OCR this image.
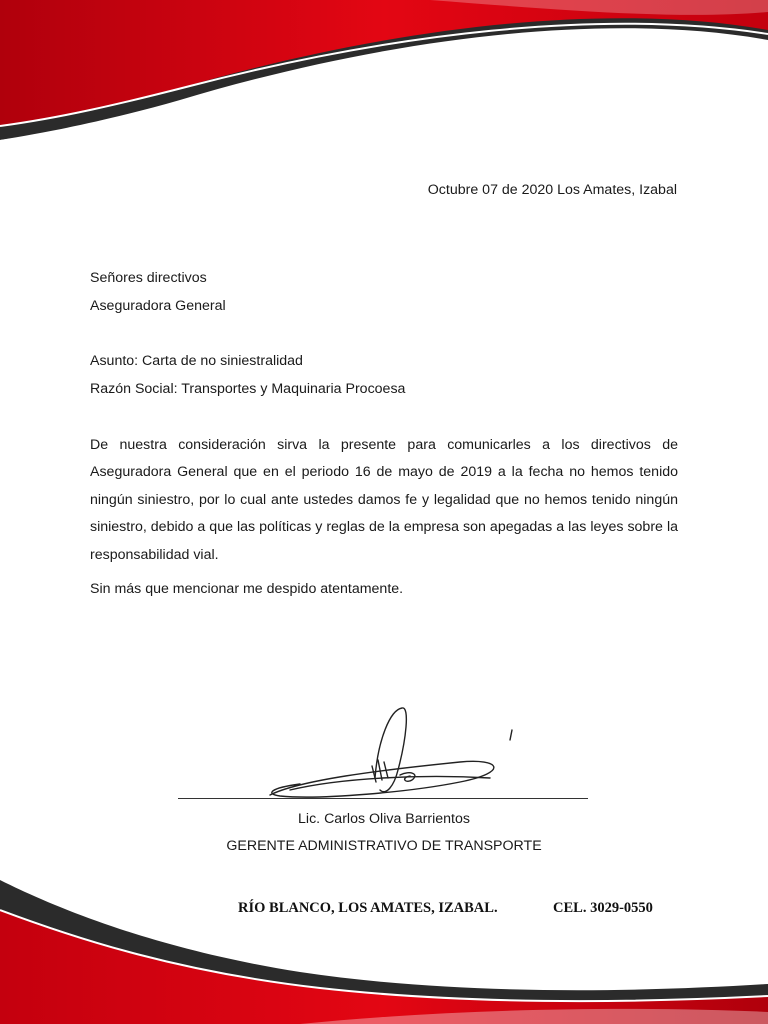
Octubre 07 de 2020 Los Amates, Izabal
Señores directivos
Aseguradora General
Asunto: Carta de no siniestralidad
Razón Social: Transportes y Maquinaria Procoesa
De nuestra consideración sirva la presente para comunicarles a los directivos de Aseguradora General que en el periodo 16 de mayo de 2019 a la fecha no hemos tenido ningún siniestro, por lo cual ante ustedes damos fe y legalidad que no hemos tenido ningún siniestro, debido a que las políticas y reglas de la empresa son apegadas a las leyes sobre la responsabilidad vial.
Sin más que mencionar me despido atentamente.
Lic. Carlos Oliva Barrientos
GERENTE ADMINISTRATIVO DE TRANSPORTE
RÍO BLANCO, LOS AMATES, IZABAL.	CEL. 3029-0550
